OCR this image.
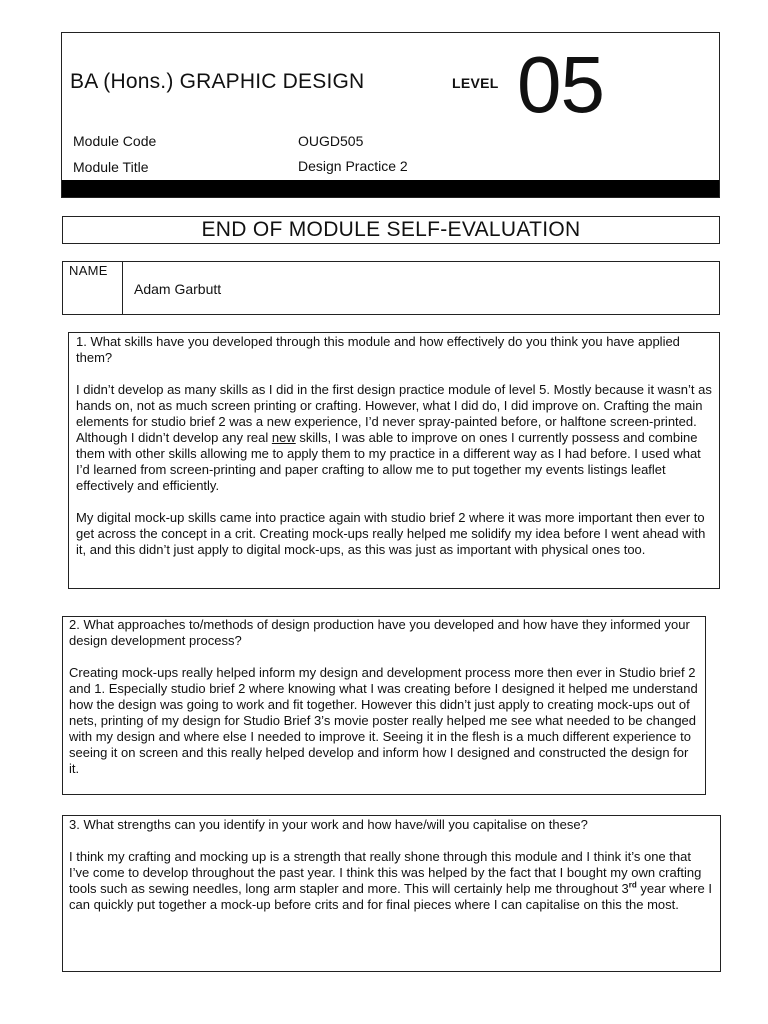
BA (Hons.) GRAPHIC DESIGN	LEVEL 05
Module Code	OUGD505
Module Title	Design Practice 2
END OF MODULE SELF-EVALUATION
NAME
Adam Garbutt

1. What skills have you developed through this module and how effectively do you think you have applied them?

I didn’t develop as many skills as I did in the first design practice module of level 5. Mostly because it wasn’t as hands on, not as much screen printing or crafting. However, what I did do, I did improve on. Crafting the main elements for studio brief 2 was a new experience, I’d never spray-painted before, or halftone screen-printed. Although I didn’t develop any real new skills, I was able to improve on ones I currently possess and combine them with other skills allowing me to apply them to my practice in a different way as I had before. I used what I’d learned from screen-printing and paper crafting to allow me to put together my events listings leaflet effectively and efficiently.

My digital mock-up skills came into practice again with studio brief 2 where it was more important then ever to get across the concept in a crit. Creating mock-ups really helped me solidify my idea before I went ahead with it, and this didn’t just apply to digital mock-ups, as this was just as important with physical ones too.

2. What approaches to/methods of design production have you developed and how have they informed your design development process?

Creating mock-ups really helped inform my design and development process more then ever in Studio brief 2 and 1. Especially studio brief 2 where knowing what I was creating before I designed it helped me understand how the design was going to work and fit together. However this didn’t just apply to creating mock-ups out of nets, printing of my design for Studio Brief 3’s movie poster really helped me see what needed to be changed with my design and where else I needed to improve it. Seeing it in the flesh is a much different experience to seeing it on screen and this really helped develop and inform how I designed and constructed the design for it.

3. What strengths can you identify in your work and how have/will you capitalise on these?

I think my crafting and mocking up is a strength that really shone through this module and I think it’s one that I’ve come to develop throughout the past year. I think this was helped by the fact that I bought my own crafting tools such as sewing needles, long arm stapler and more. This will certainly help me throughout 3rd year where I can quickly put together a mock-up before crits and for final pieces where I can capitalise on this the most.
